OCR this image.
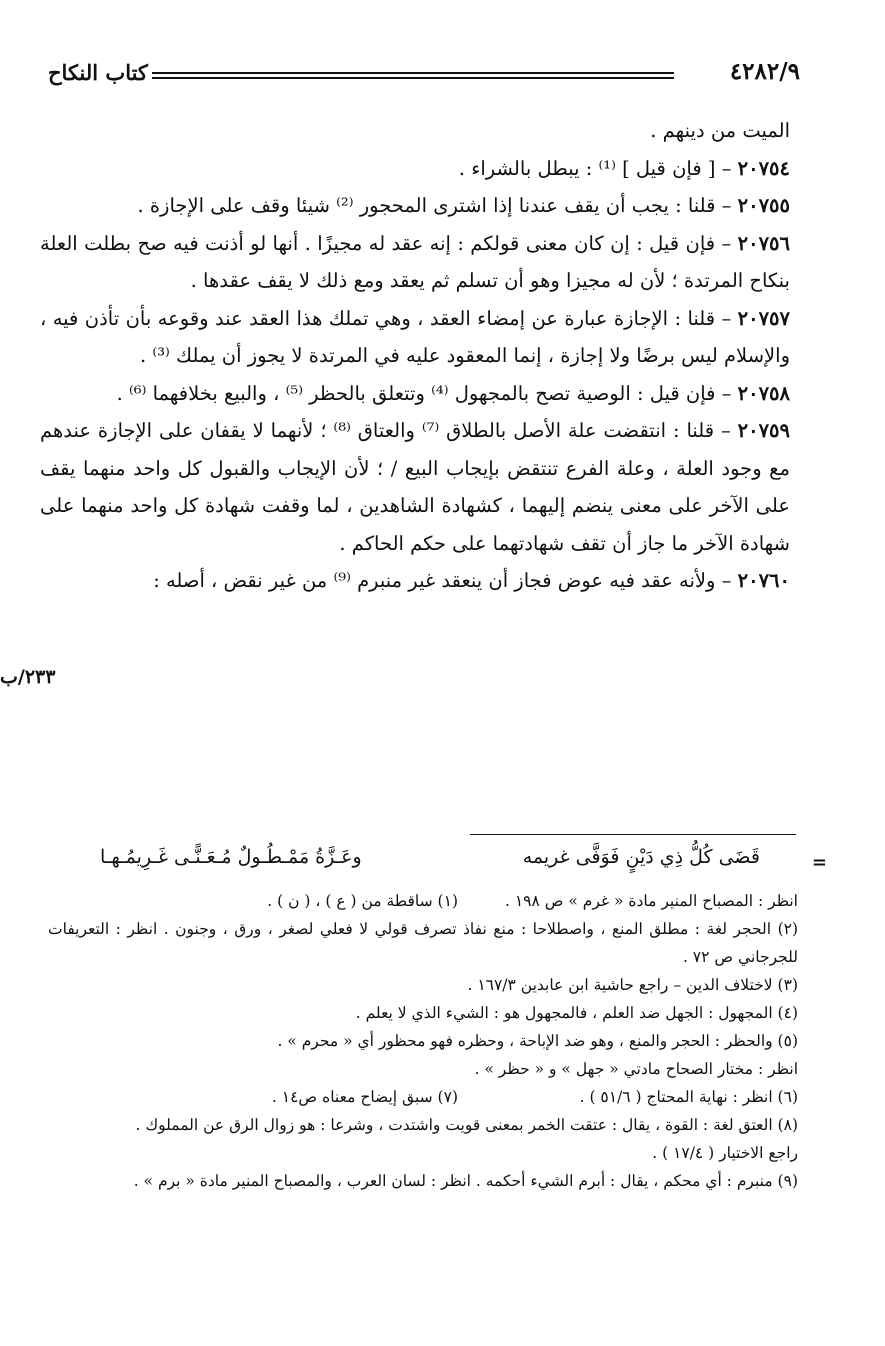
٤٢٨٢/٩
كتاب النكاح

الميت من دينهم .

٢٠٧٥٤ – [ فإن قيل ] ⁽¹⁾ : يبطل بالشراء .

٢٠٧٥٥ – قلنا : يجب أن يقف عندنا إذا اشترى المحجور ⁽²⁾ شيئا وقف على الإجازة .

٢٠٧٥٦ – فإن قيل : إن كان معنى قولكم : إنه عقد له مجيزًا . أنها لو أذنت فيه صح بطلت العلة بنكاح المرتدة ؛ لأن له مجيزا وهو أن تسلم ثم يعقد ومع ذلك لا يقف عقدها .

٢٠٧٥٧ – قلنا : الإجازة عبارة عن إمضاء العقد ، وهي تملك هذا العقد عند وقوعه بأن تأذن فيه ، والإسلام ليس برضًا ولا إجازة ، إنما المعقود عليه في المرتدة لا يجوز أن يملك ⁽³⁾ .

٢٠٧٥٨ – فإن قيل : الوصية تصح بالمجهول ⁽⁴⁾ وتتعلق بالحظر ⁽⁵⁾ ، والبيع بخلافهما ⁽⁶⁾ .

٢٠٧٥٩ – قلنا : انتقضت علة الأصل بالطلاق ⁽⁷⁾ والعتاق ⁽⁸⁾ ؛ لأنهما لا يقفان على الإجازة عندهم مع وجود العلة ، وعلة الفرع تنتقض بإيجاب البيع / ؛ لأن الإيجاب والقبول كل واحد منهما يقف على الآخر على معنى ينضم إليهما ، كشهادة الشاهدين ، لما وقفت شهادة كل واحد منهما على شهادة الآخر ما جاز أن تقف شهادتهما على حكم الحاكم .

٢٠٧٦٠ – ولأنه عقد فيه عوض فجاز أن ينعقد غير منبرم ⁽⁹⁾ من غير نقض ، أصله :

٢٣٣/ب
=
قَضَى كُلُّ ذِي دَيْنٍ فَوَفَّى غريمه
وعَـزَّةُ مَمْـطُـولٌ مُـعَـنًّـى غَـرِيمُـهـا
انظر : المصباح المنير مادة « غرم » ص ١٩٨ .
(١) ساقطة من ( ع ) ، ( ن ) .

(٢) الحجر لغة : مطلق المنع ، واصطلاحا : منع نفاذ تصرف قولي لا فعلي لصغر ، ورق ، وجنون . انظر : التعريفات للجرجاني ص ٧٢ .

(٣) لاختلاف الدين – راجع حاشية ابن عابدين ١٦٧/٣ .

(٤) المجهول : الجهل ضد العلم ، فالمجهول هو : الشيء الذي لا يعلم .

(٥) والحظر : الحجر والمنع ، وهو ضد الإباحة ، وحظره فهو محظور أي « محرم » .

انظر : مختار الصحاح مادتي « جهل » و « حظر » .

(٦) انظر : نهاية المحتاج ( ٥١/٦ ) .
(٧) سبق إيضاح معناه ص١٤ .

(٨) العتق لغة : القوة ، يقال : عتقت الخمر بمعنى قويت واشتدت ، وشرعا : هو زوال الرق عن المملوك .

راجع الاختيار ( ١٧/٤ ) .

(٩) منبرم : أي محكم ، يقال : أبرم الشيء أحكمه . انظر : لسان العرب ، والمصباح المنير مادة « برم » .
